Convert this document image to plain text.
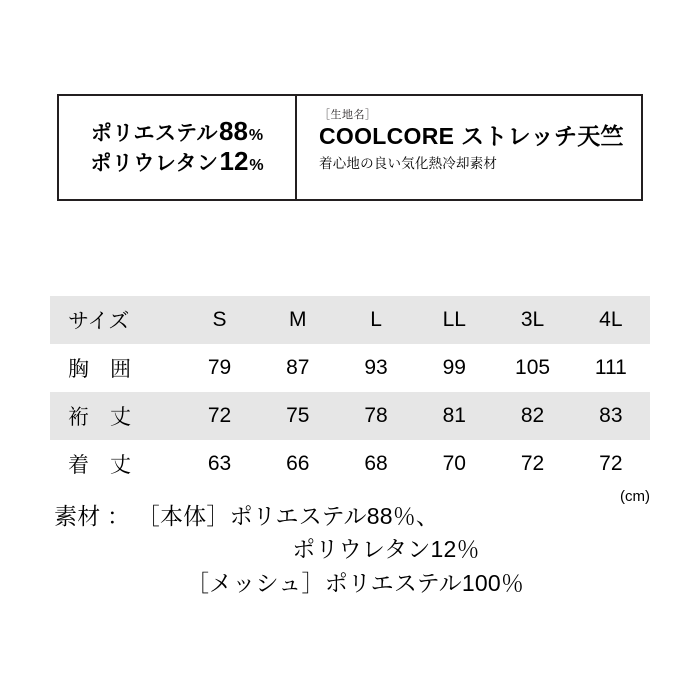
ポリエステル 88 %
ポリウレタン 12 %
［生地名］
COOLCORE ストレッチ天竺
着心地の良い気化熱冷却素材
サイズ	S	M	L	LL	3L	4L
胸　囲	79	87	93	99	105	111
裄　丈	72	75	78	81	82	83
着　丈	63	66	68	70	72	72
(cm)
素材 ： ［本体］ポリエステル88％、
ポリウレタン12％
［メッシュ］ポリエステル100％
